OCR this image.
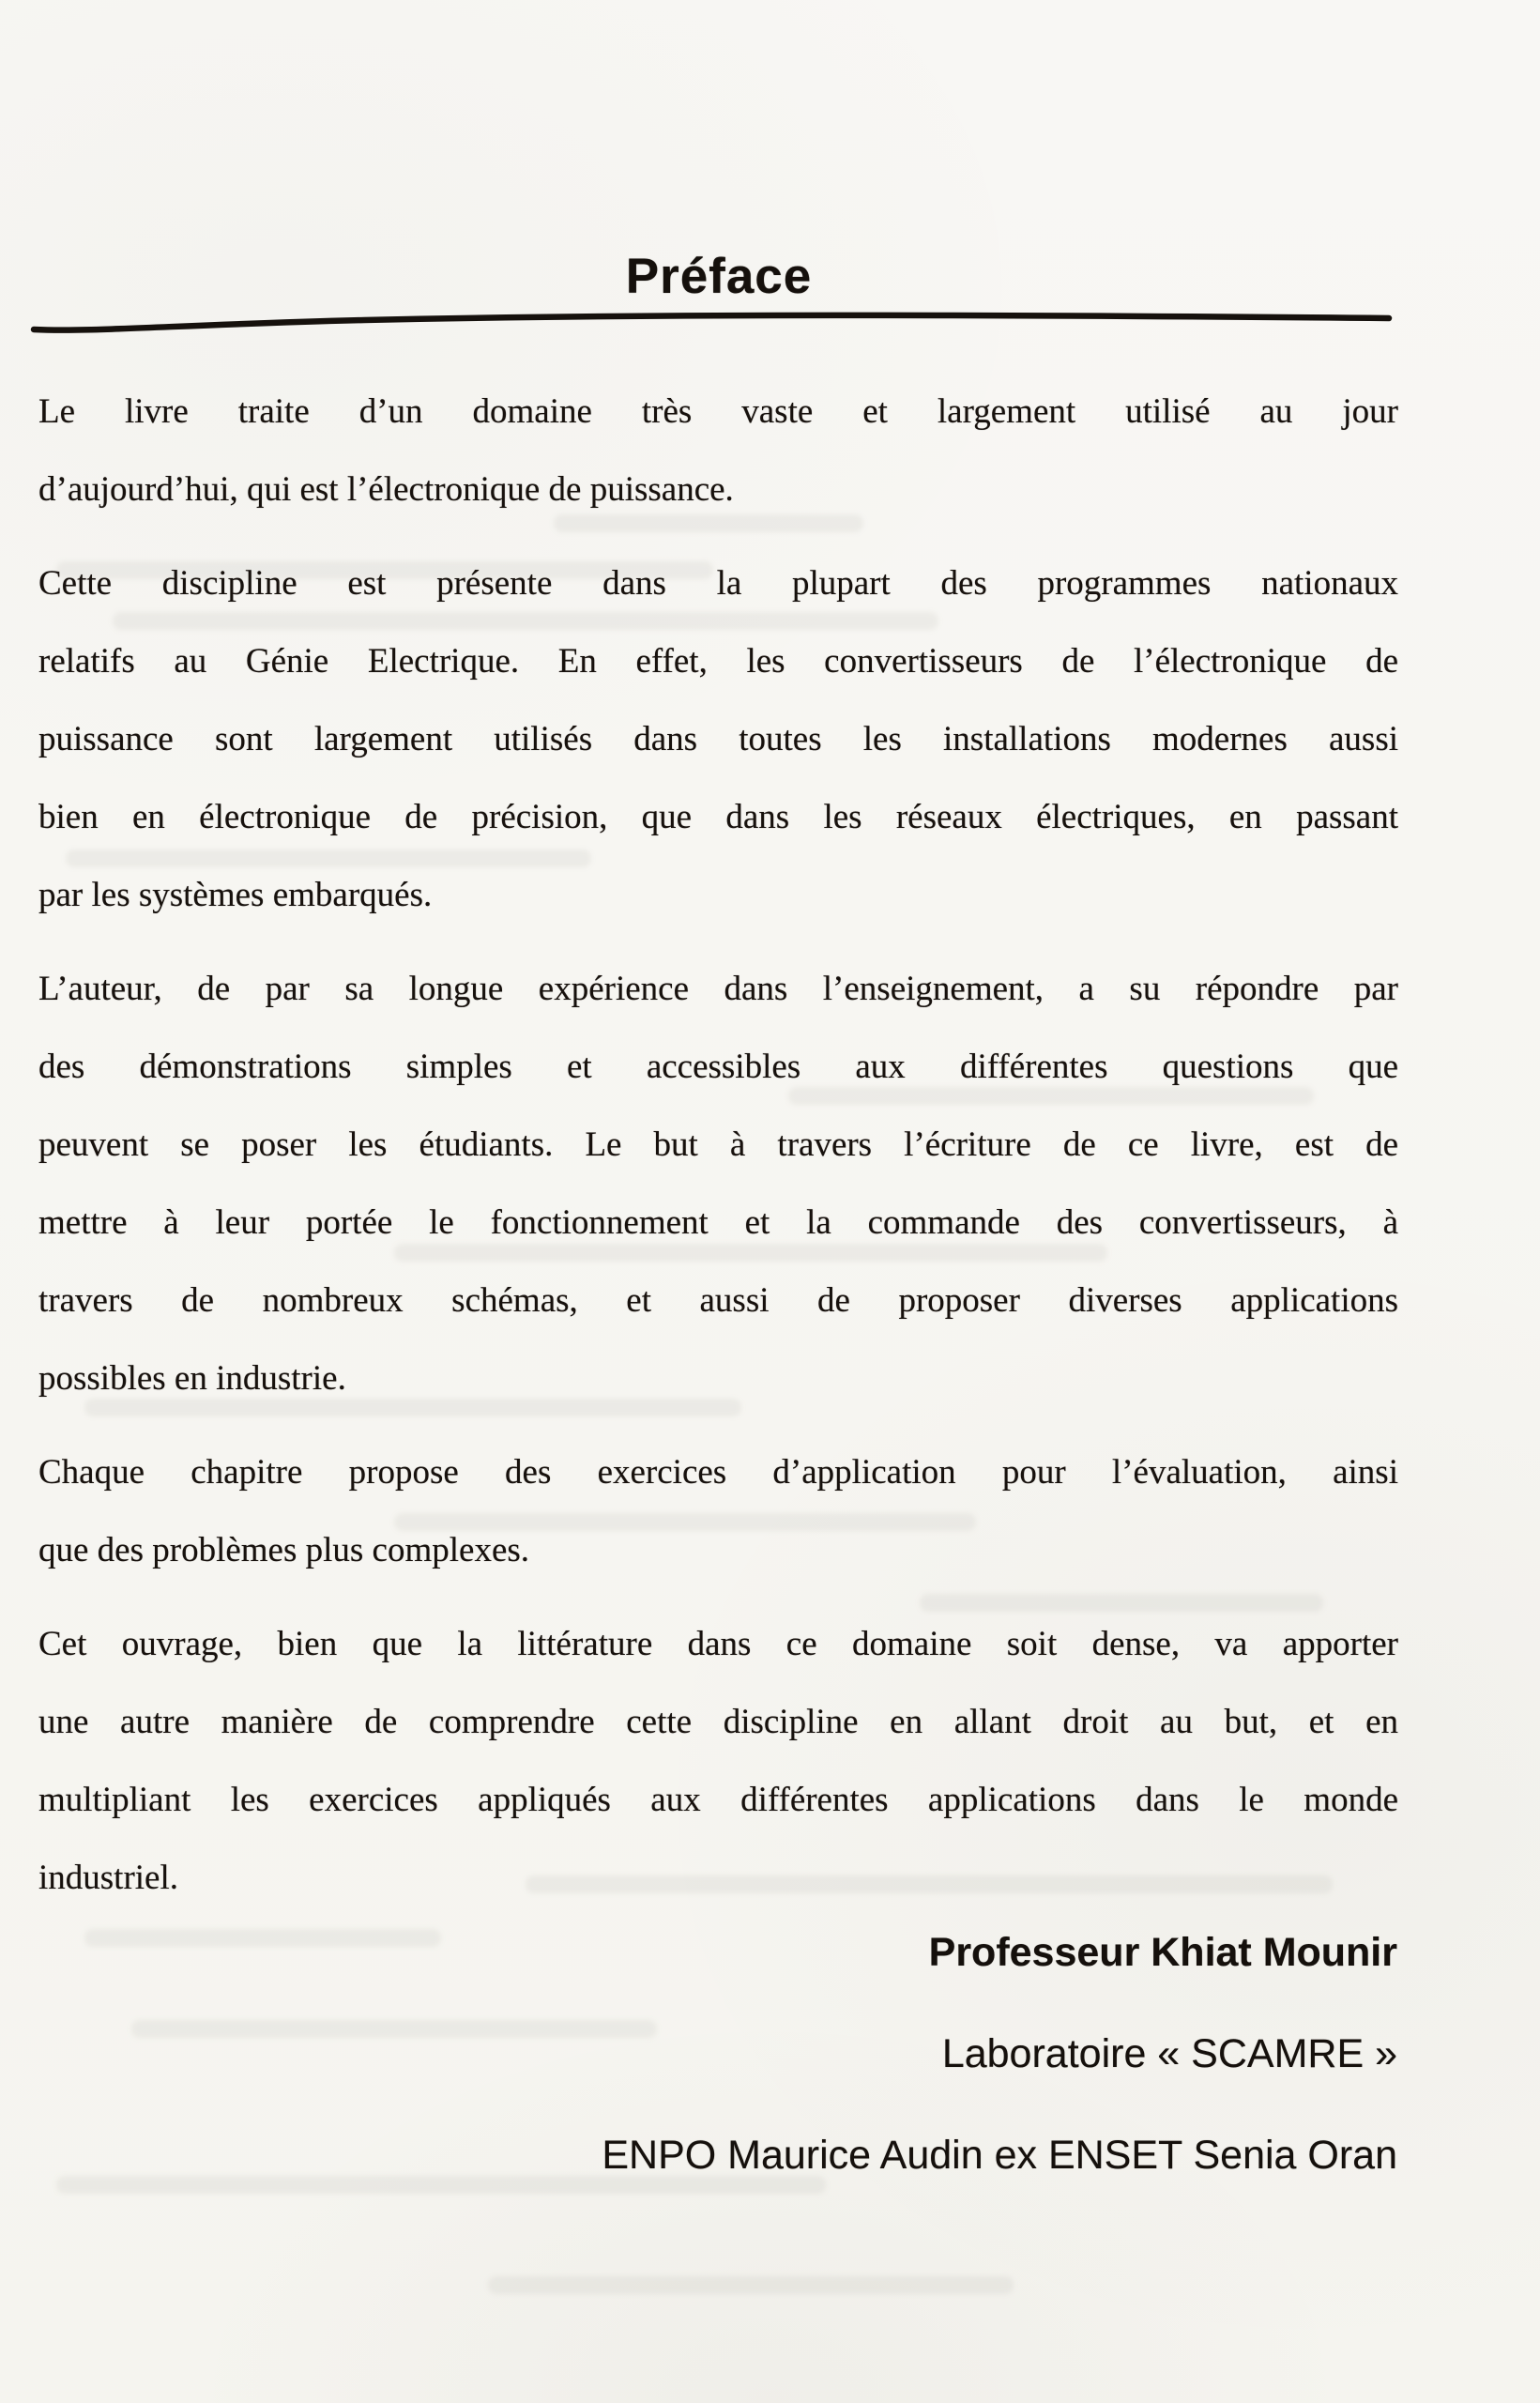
Préface
Le livre traite d’un domaine très vaste et largement utilisé au jour
d’aujourd’hui, qui est l’électronique de puissance.
Cette discipline est présente dans la plupart des programmes nationaux
relatifs au Génie Electrique. En effet, les convertisseurs de l’électronique de
puissance sont largement utilisés dans toutes les installations modernes aussi
bien en électronique de précision, que dans les réseaux électriques, en passant
par les systèmes embarqués.
L’auteur, de par sa longue expérience dans l’enseignement, a su répondre par
des démonstrations simples et accessibles aux différentes questions que
peuvent se poser les étudiants. Le but à travers l’écriture de ce livre, est de
mettre à leur portée le fonctionnement et la commande des convertisseurs, à
travers de nombreux schémas, et aussi de proposer diverses applications
possibles en industrie.
Chaque chapitre propose des exercices d’application pour l’évaluation, ainsi
que des problèmes plus complexes.
Cet ouvrage, bien que la littérature dans ce domaine soit dense, va apporter
une autre manière de comprendre cette discipline en allant droit au but, et en
multipliant les exercices appliqués aux différentes applications dans le monde
industriel.
Professeur Khiat Mounir
Laboratoire « SCAMRE »
ENPO Maurice Audin ex ENSET Senia Oran
